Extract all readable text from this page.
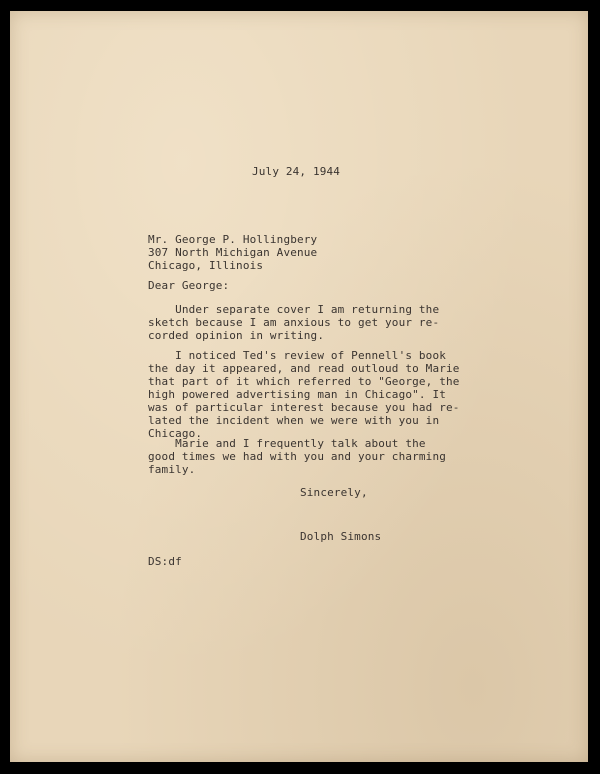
July 24, 1944
Mr. George P. Hollingbery
307 North Michigan Avenue
Chicago, Illinois
Dear George:
Under separate cover I am returning the
sketch because I am anxious to get your re-
corded opinion in writing.
I noticed Ted's review of Pennell's book
the day it appeared, and read outloud to Marie
that part of it which referred to "George, the
high powered advertising man in Chicago". It
was of particular interest because you had re-
lated the incident when we were with you in
Chicago.
Marie and I frequently talk about the
good times we had with you and your charming
family.
Sincerely,
Dolph Simons
DS:df
